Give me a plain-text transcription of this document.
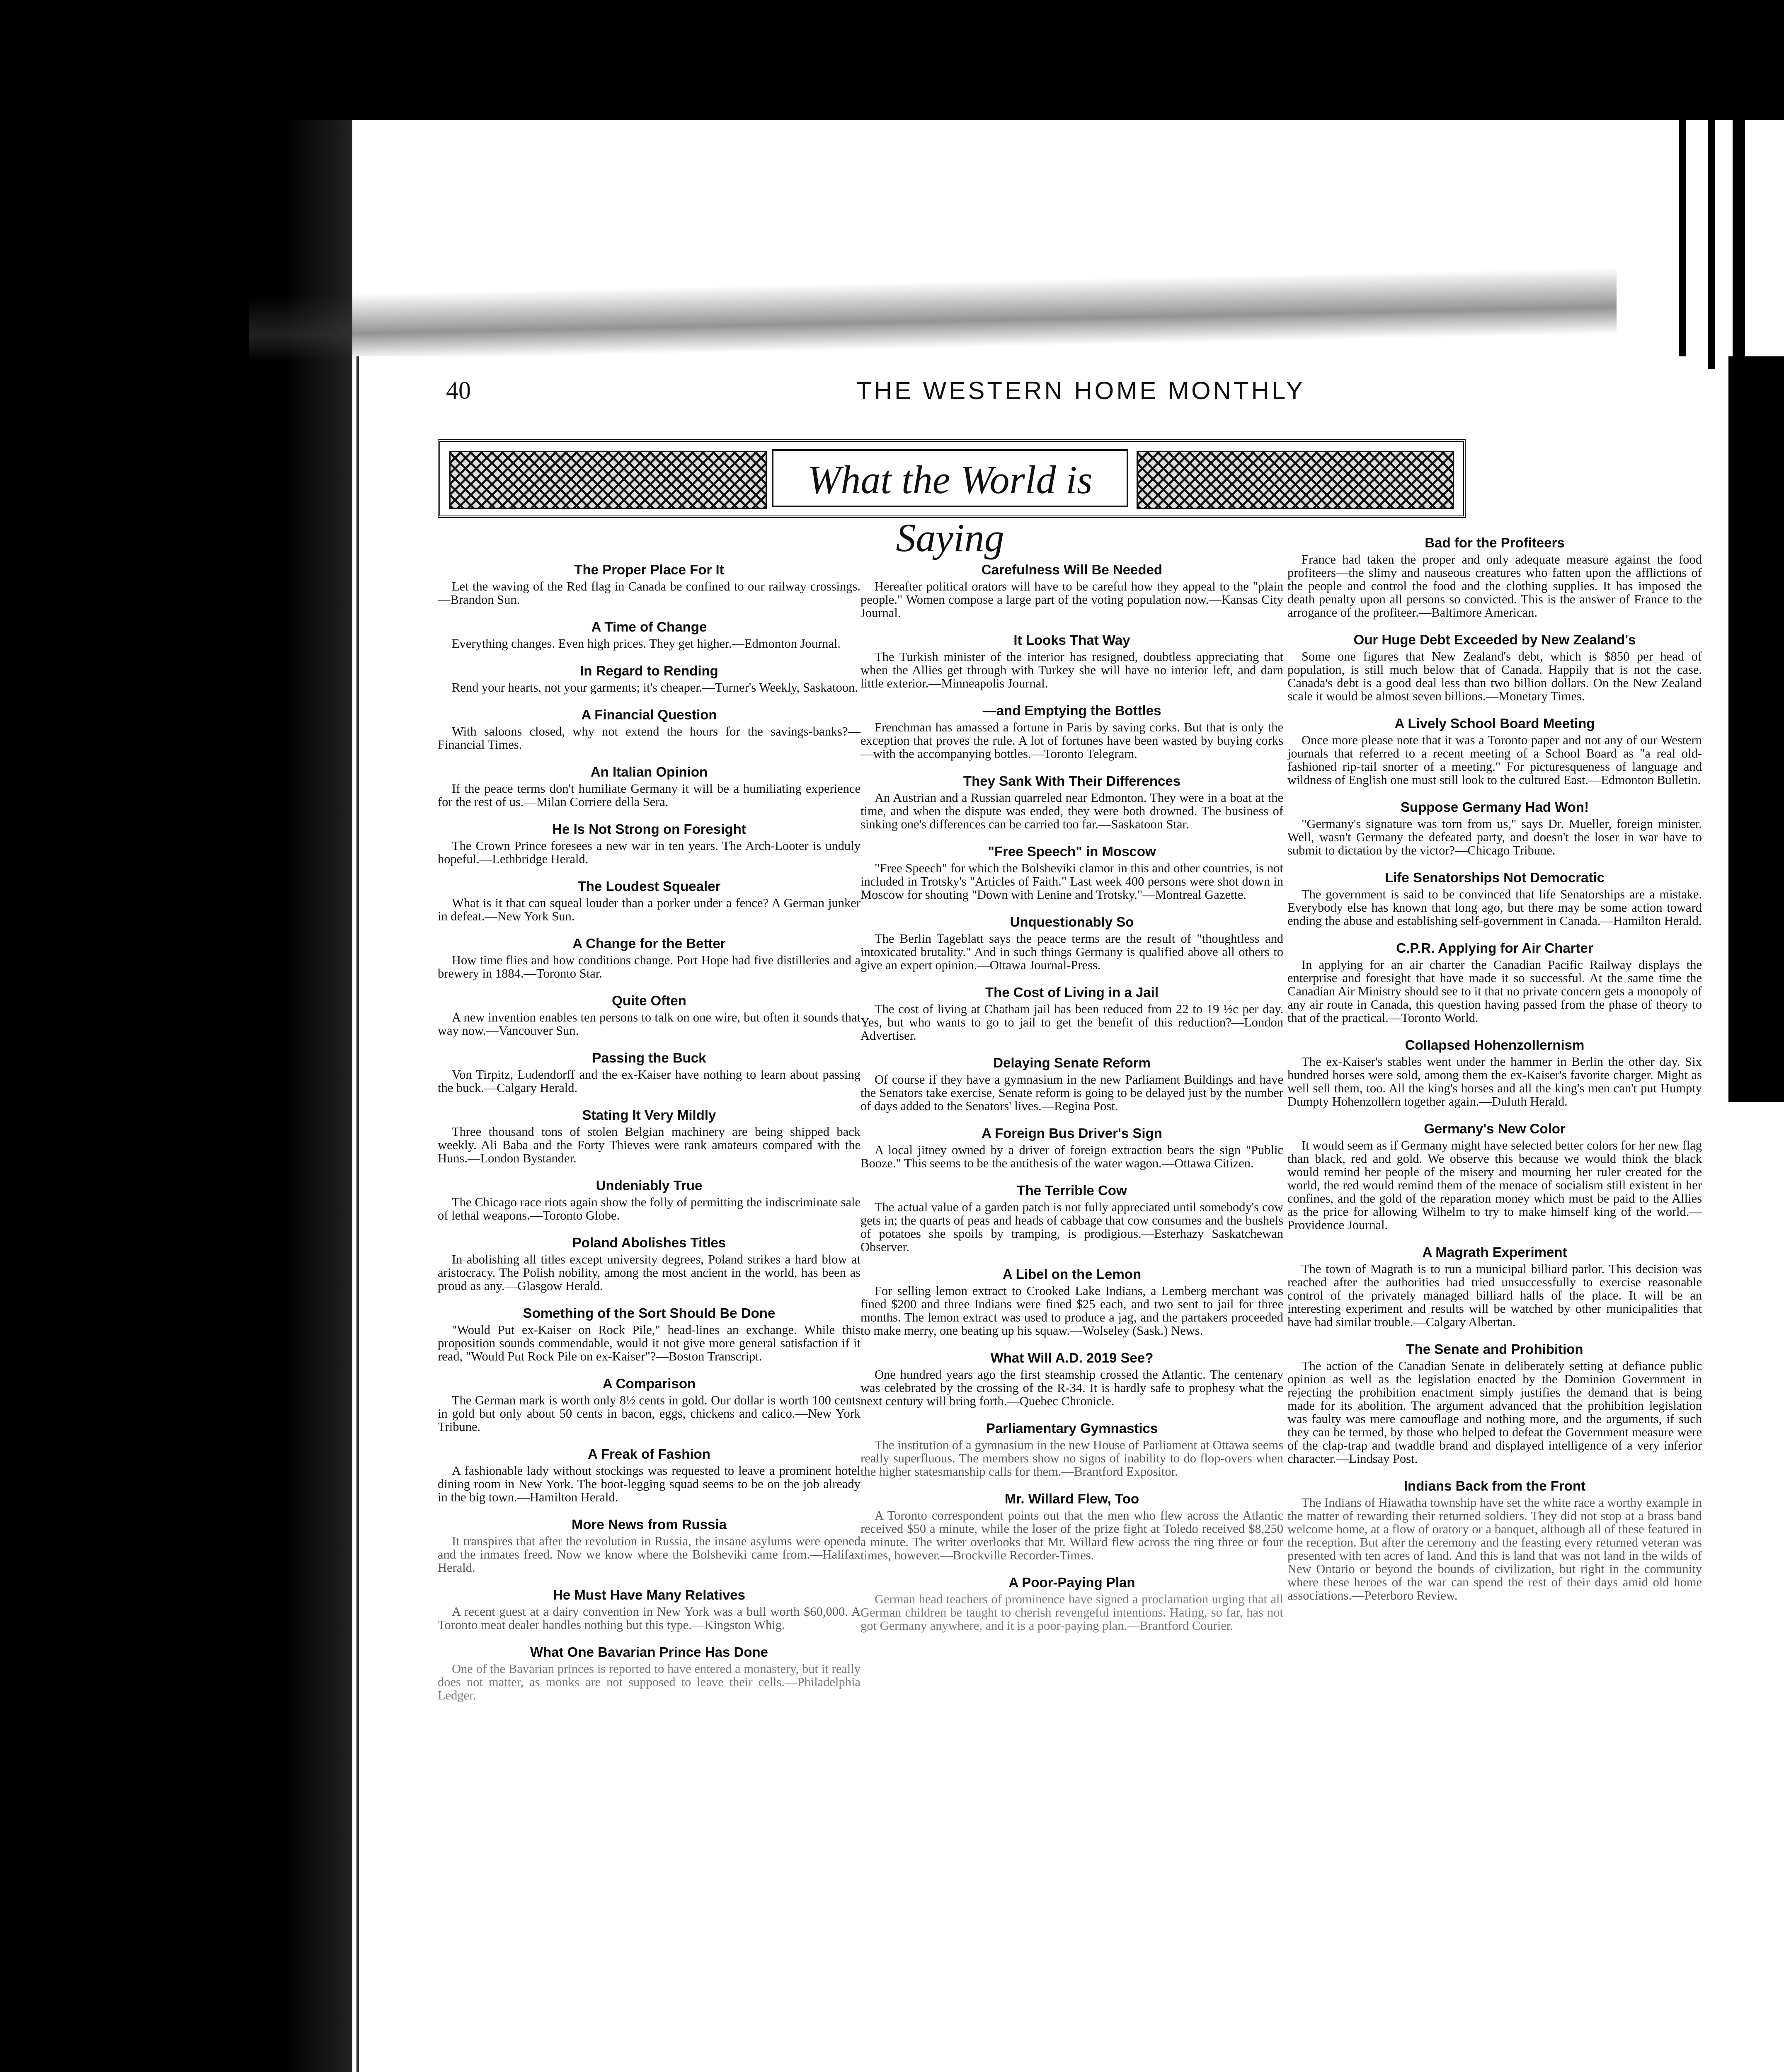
40	THE WESTERN HOME MONTHLY
What the World is Saying
The Proper Place For It

Let the waving of the Red flag in Canada be confined to our railway crossings.—Brandon Sun.

A Time of Change

Everything changes. Even high prices. They get higher.—Edmonton Journal.

In Regard to Rending

Rend your hearts, not your garments; it's cheaper.—Turner's Weekly, Saskatoon.

A Financial Question

With saloons closed, why not extend the hours for the savings-banks?—Financial Times.

An Italian Opinion

If the peace terms don't humiliate Germany it will be a humiliating experience for the rest of us.—Milan Corriere della Sera.

He Is Not Strong on Foresight

The Crown Prince foresees a new war in ten years. The Arch-Looter is unduly hopeful.—Lethbridge Herald.

The Loudest Squealer

What is it that can squeal louder than a porker under a fence? A German junker in defeat.—New York Sun.

A Change for the Better

How time flies and how conditions change. Port Hope had five distilleries and a brewery in 1884.—Toronto Star.

Quite Often

A new invention enables ten persons to talk on one wire, but often it sounds that way now.—Vancouver Sun.

Passing the Buck

Von Tirpitz, Ludendorff and the ex-Kaiser have nothing to learn about passing the buck.—Calgary Herald.

Stating It Very Mildly

Three thousand tons of stolen Belgian machinery are being shipped back weekly. Ali Baba and the Forty Thieves were rank amateurs compared with the Huns.—London Bystander.

Undeniably True

The Chicago race riots again show the folly of permitting the indiscriminate sale of lethal weapons.—Toronto Globe.

Poland Abolishes Titles

In abolishing all titles except university degrees, Poland strikes a hard blow at aristocracy. The Polish nobility, among the most ancient in the world, has been as proud as any.—Glasgow Herald.

Something of the Sort Should Be Done

"Would Put ex-Kaiser on Rock Pile," head-lines an exchange. While this proposition sounds commendable, would it not give more general satisfaction if it read, "Would Put Rock Pile on ex-Kaiser"?—Boston Transcript.

A Comparison

The German mark is worth only 8½ cents in gold. Our dollar is worth 100 cents in gold but only about 50 cents in bacon, eggs, chickens and calico.—New York Tribune.

A Freak of Fashion

A fashionable lady without stockings was requested to leave a prominent hotel dining room in New York. The boot-legging squad seems to be on the job already in the big town.—Hamilton Herald.

More News from Russia

It transpires that after the revolution in Russia, the insane asylums were opened and the inmates freed. Now we know where the Bolsheviki came from.—Halifax Herald.

He Must Have Many Relatives

A recent guest at a dairy convention in New York was a bull worth $60,000. A Toronto meat dealer handles nothing but this type.—Kingston Whig.

What One Bavarian Prince Has Done

One of the Bavarian princes is reported to have entered a monastery, but it really does not matter, as monks are not supposed to leave their cells.—Philadelphia Ledger.

Carefulness Will Be Needed

Hereafter political orators will have to be careful how they appeal to the "plain people." Women compose a large part of the voting population now.—Kansas City Journal.

It Looks That Way

The Turkish minister of the interior has resigned, doubtless appreciating that when the Allies get through with Turkey she will have no interior left, and darn little exterior.—Minneapolis Journal.

—and Emptying the Bottles

Frenchman has amassed a fortune in Paris by saving corks. But that is only the exception that proves the rule. A lot of fortunes have been wasted by buying corks—with the accompanying bottles.—Toronto Telegram.

They Sank With Their Differences

An Austrian and a Russian quarreled near Edmonton. They were in a boat at the time, and when the dispute was ended, they were both drowned. The business of sinking one's differences can be carried too far.—Saskatoon Star.

"Free Speech" in Moscow

"Free Speech" for which the Bolsheviki clamor in this and other countries, is not included in Trotsky's "Articles of Faith." Last week 400 persons were shot down in Moscow for shouting "Down with Lenine and Trotsky."—Montreal Gazette.

Unquestionably So

The Berlin Tageblatt says the peace terms are the result of "thoughtless and intoxicated brutality." And in such things Germany is qualified above all others to give an expert opinion.—Ottawa Journal-Press.

The Cost of Living in a Jail

The cost of living at Chatham jail has been reduced from 22 to 19 ½c per day. Yes, but who wants to go to jail to get the benefit of this reduction?—London Advertiser.

Delaying Senate Reform

Of course if they have a gymnasium in the new Parliament Buildings and have the Senators take exercise, Senate reform is going to be delayed just by the number of days added to the Senators' lives.—Regina Post.

A Foreign Bus Driver's Sign

A local jitney owned by a driver of foreign extraction bears the sign "Public Booze." This seems to be the antithesis of the water wagon.—Ottawa Citizen.

The Terrible Cow

The actual value of a garden patch is not fully appreciated until somebody's cow gets in; the quarts of peas and heads of cabbage that cow consumes and the bushels of potatoes she spoils by tramping, is prodigious.—Esterhazy Saskatchewan Observer.

A Libel on the Lemon

For selling lemon extract to Crooked Lake Indians, a Lemberg merchant was fined $200 and three Indians were fined $25 each, and two sent to jail for three months. The lemon extract was used to produce a jag, and the partakers proceeded to make merry, one beating up his squaw.—Wolseley (Sask.) News.

What Will A.D. 2019 See?

One hundred years ago the first steamship crossed the Atlantic. The centenary was celebrated by the crossing of the R-34. It is hardly safe to prophesy what the next century will bring forth.—Quebec Chronicle.

Parliamentary Gymnastics

The institution of a gymnasium in the new House of Parliament at Ottawa seems really superfluous. The members show no signs of inability to do flop-overs when the higher statesmanship calls for them.—Brantford Expositor.

Mr. Willard Flew, Too

A Toronto correspondent points out that the men who flew across the Atlantic received $50 a minute, while the loser of the prize fight at Toledo received $8,250 a minute. The writer overlooks that Mr. Willard flew across the ring three or four times, however.—Brockville Recorder-Times.

A Poor-Paying Plan

German head teachers of prominence have signed a proclamation urging that all German children be taught to cherish revengeful intentions. Hating, so far, has not got Germany anywhere, and it is a poor-paying plan.—Brantford Courier.

Bad for the Profiteers

France had taken the proper and only adequate measure against the food profiteers—the slimy and nauseous creatures who fatten upon the afflictions of the people and control the food and the clothing supplies. It has imposed the death penalty upon all persons so convicted. This is the answer of France to the arrogance of the profiteer.—Baltimore American.

Our Huge Debt Exceeded by New Zealand's

Some one figures that New Zealand's debt, which is $850 per head of population, is still much below that of Canada. Happily that is not the case. Canada's debt is a good deal less than two billion dollars. On the New Zealand scale it would be almost seven billions.—Monetary Times.

A Lively School Board Meeting

Once more please note that it was a Toronto paper and not any of our Western journals that referred to a recent meeting of a School Board as "a real old-fashioned rip-tail snorter of a meeting." For picturesqueness of language and wildness of English one must still look to the cultured East.—Edmonton Bulletin.

Suppose Germany Had Won!

"Germany's signature was torn from us," says Dr. Mueller, foreign minister. Well, wasn't Germany the defeated party, and doesn't the loser in war have to submit to dictation by the victor?—Chicago Tribune.

Life Senatorships Not Democratic

The government is said to be convinced that life Senatorships are a mistake. Everybody else has known that long ago, but there may be some action toward ending the abuse and establishing self-government in Canada.—Hamilton Herald.

C.P.R. Applying for Air Charter

In applying for an air charter the Canadian Pacific Railway displays the enterprise and foresight that have made it so successful. At the same time the Canadian Air Ministry should see to it that no private concern gets a monopoly of any air route in Canada, this question having passed from the phase of theory to that of the practical.—Toronto World.

Collapsed Hohenzollernism

The ex-Kaiser's stables went under the hammer in Berlin the other day. Six hundred horses were sold, among them the ex-Kaiser's favorite charger. Might as well sell them, too. All the king's horses and all the king's men can't put Humpty Dumpty Hohenzollern together again.—Duluth Herald.

Germany's New Color

It would seem as if Germany might have selected better colors for her new flag than black, red and gold. We observe this because we would think the black would remind her people of the misery and mourning her ruler created for the world, the red would remind them of the menace of socialism still existent in her confines, and the gold of the reparation money which must be paid to the Allies as the price for allowing Wilhelm to try to make himself king of the world.—Providence Journal.

A Magrath Experiment

The town of Magrath is to run a municipal billiard parlor. This decision was reached after the authorities had tried unsuccessfully to exercise reasonable control of the privately managed billiard halls of the place. It will be an interesting experiment and results will be watched by other municipalities that have had similar trouble.—Calgary Albertan.

The Senate and Prohibition

The action of the Canadian Senate in deliberately setting at defiance public opinion as well as the legislation enacted by the Dominion Government in rejecting the prohibition enactment simply justifies the demand that is being made for its abolition. The argument advanced that the prohibition legislation was faulty was mere camouflage and nothing more, and the arguments, if such they can be termed, by those who helped to defeat the Government measure were of the clap-trap and twaddle brand and displayed intelligence of a very inferior character.—Lindsay Post.

Indians Back from the Front

The Indians of Hiawatha township have set the white race a worthy example in the matter of rewarding their returned soldiers. They did not stop at a brass band welcome home, at a flow of oratory or a banquet, although all of these featured in the reception. But after the ceremony and the feasting every returned veteran was presented with ten acres of land. And this is land that was not land in the wilds of New Ontario or beyond the bounds of civilization, but right in the community where these heroes of the war can spend the rest of their days amid old home associations.—Peterboro Review.
